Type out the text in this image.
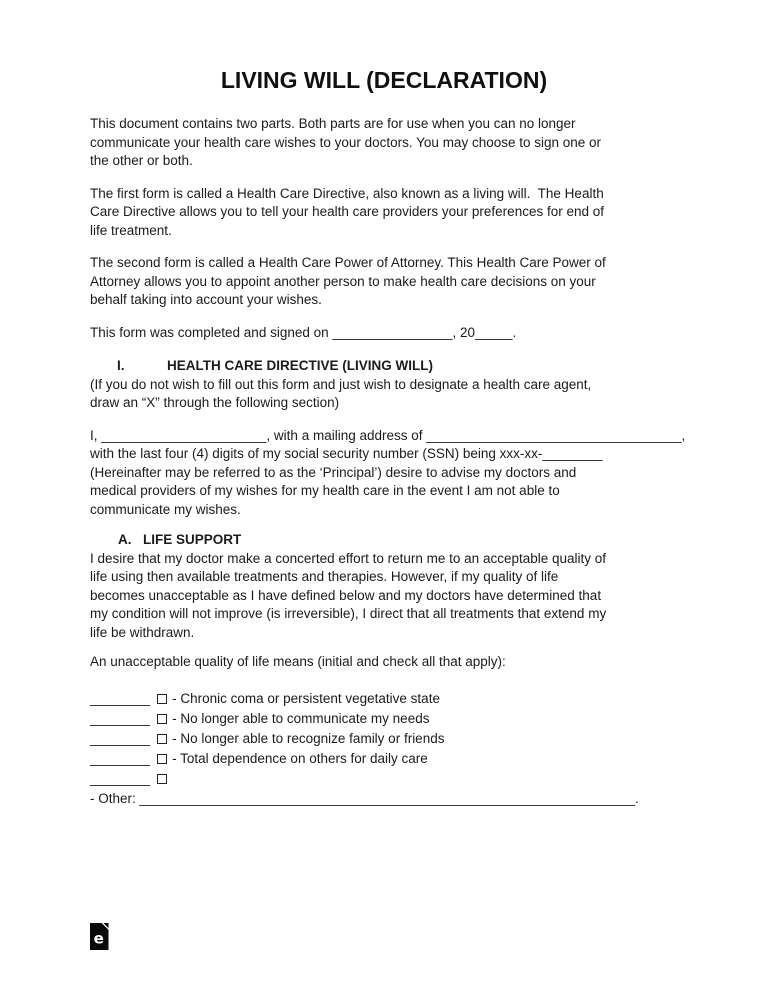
LIVING WILL (DECLARATION)
This document contains two parts. Both parts are for use when you can no longer
communicate your health care wishes to your doctors. You may choose to sign one or
the other or both.
The first form is called a Health Care Directive, also known as a living will.  The Health
Care Directive allows you to tell your health care providers your preferences for end of
life treatment.
The second form is called a Health Care Power of Attorney. This Health Care Power of
Attorney allows you to appoint another person to make health care decisions on your
behalf taking into account your wishes.
This form was completed and signed on ________________, 20_____.
I.	HEALTH CARE DIRECTIVE (LIVING WILL)
(If you do not wish to fill out this form and just wish to designate a health care agent,
draw an “X” through the following section)
I, ______________________, with a mailing address of __________________________________,
with the last four (4) digits of my social security number (SSN) being xxx-xx-________
(Hereinafter may be referred to as the ‘Principal’) desire to advise my doctors and
medical providers of my wishes for my health care in the event I am not able to
communicate my wishes.
A. LIFE SUPPORT
I desire that my doctor make a concerted effort to return me to an acceptable quality of
life using then available treatments and therapies. However, if my quality of life
becomes unacceptable as I have defined below and my doctors have determined that
my condition will not improve (is irreversible), I direct that all treatments that extend my
life be withdrawn.
An unacceptable quality of life means (initial and check all that apply):
________ - Chronic coma or persistent vegetative state
________ - No longer able to communicate my needs
________ - No longer able to recognize family or friends
________ - Total dependence on others for daily care
________- Other: __________________________________________________________________.
e
